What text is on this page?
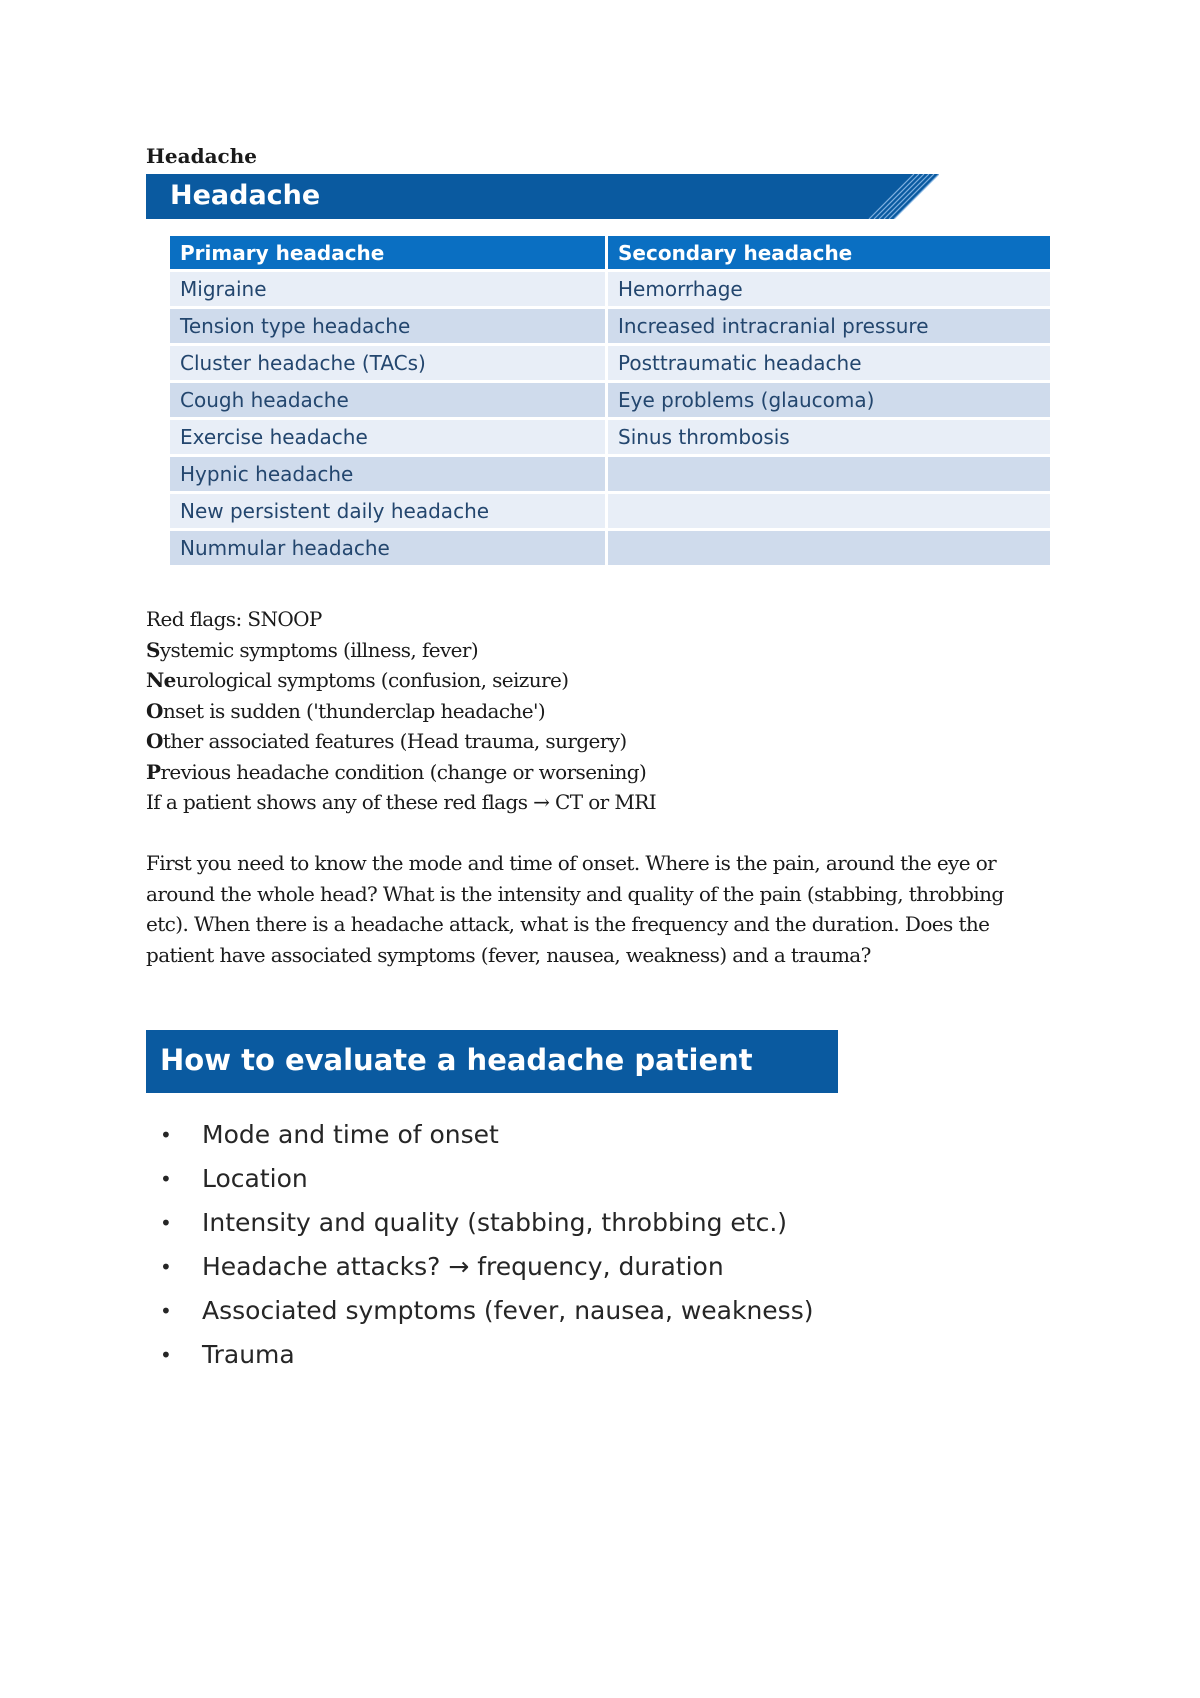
Headache
Headache
Primary headache	Secondary headache
Migraine	Hemorrhage
Tension type headache	Increased intracranial pressure
Cluster headache (TACs)	Posttraumatic headache
Cough headache	Eye problems (glaucoma)
Exercise headache	Sinus thrombosis
Hypnic headache	
New persistent daily headache	
Nummular headache	
Red flags: SNOOP
Systemic symptoms (illness, fever)
Neurological symptoms (confusion, seizure)
Onset is sudden ('thunderclap headache')
Other associated features (Head trauma, surgery)
Previous headache condition (change or worsening)
If a patient shows any of these red flags → CT or MRI
First you need to know the mode and time of onset. Where is the pain, around the eye or
around the whole head? What is the intensity and quality of the pain (stabbing, throbbing
etc). When there is a headache attack, what is the frequency and the duration. Does the
patient have associated symptoms (fever, nausea, weakness) and a trauma?
How to evaluate a headache patient
• Mode and time of onset
• Location
• Intensity and quality (stabbing, throbbing etc.)
• Headache attacks? → frequency, duration
• Associated symptoms (fever, nausea, weakness)
• Trauma
